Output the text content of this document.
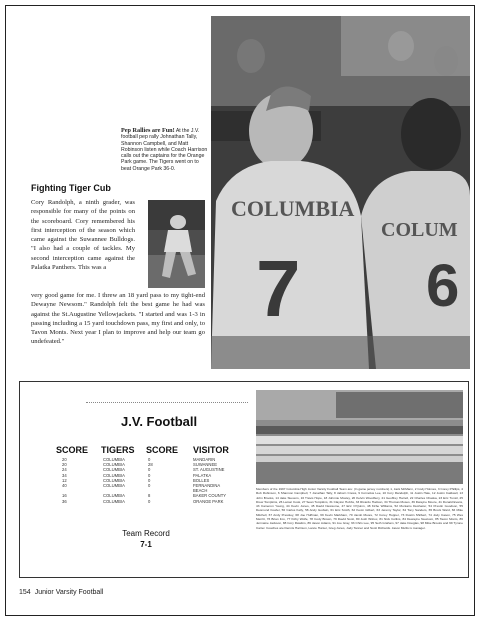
COLUMBIA
7
COLUM
6
Pep Rallies are Fun! At the J.V. football pep rally Johnathan Tally, Shannon Campbell, and Matt Robinson listen while Coach Harrison calls out the captains for the Orange Park game. The Tigers went on to beat Orange Park 36-0.
Fighting Tiger Cub
Cory Randolph, a ninth grader, was responsible for many of the points on the scoreboard. Cory remembered his first interception of the season which came against the Suwannee Bulldogs. "I also had a couple of tackles. My second interception came against the Palatka Panthers. This was a
very good game for me. I threw an 18 yard pass to my tight-end Dewayne Newsom." Randolph felt the best game he had was against the St.Augustine Yellowjackets. "I started and was 1-3 in passing including a 15 yard touchdown pass, my first and only, to Tavon Monts. Next year I plan to improve and help our team go undefeated."
J.V. Football
SCORE TIGERS SCORE VISITOR
20
20
24
34
12
40

16
36
COLUMBIA
COLUMBIA
COLUMBIA
COLUMBIA
COLUMBIA
COLUMBIA

COLUMBIA
COLUMBIA
0
28
0
0
0
0

8
0
MANDARIN
SUWANNEE
ST. AUGUSTINE
PALATKA
BOLLES
FERNANDINA
BEACH
BAKER COUNTY
ORANGE PARK
Team Record
7-1
Members of the 1997 Columbia High Junior Varsity Football Team are: (In game jersey numbers) 1, Jack McMann, 2 Cody Holmes, 3 Corey Phillips, 4 Rob Robinson, 6 Shannon Campbell, 7 Jonathan Tally, 8 Jaborn Crews, 9 Cornelius Lee, 10 Cory Randolph, 11 Justin Hale, 12 Justin Caldwell, 13 John Brooks, 14 Jake Stevens, 16 Travis Hope, 18 Johnnie Mosley, 20 Kelvin Woodbury, 21 Geoffrey Harrell, 22 Charles Chaska, 23 Eric Tunsil, 25 Drew Tompkins, 26 Lamar Cook, 27 Sean Tompkins, 31 Clayton Hobbs, 33 Ricardo Hudson, 34 Thomas Moses, 39 Dwayne Moore, 41 Donald Evans, 43 Cameron Young, 44 Kevin Jones, 45 David Newsome, 47 Eric O'Quinn, 48 Kirbe Williams, 52 Montario Deshazer, 54 Prestin Goodson, 55 Desmond Fowler, 56 Carlos Kelly, 58 Andy Godwin, 61 Eric Smith, 62 Kevin Gilbert, 63 Jeremy Taylor, 64 Tony Sanders, 65 Brock Ward, 66 Mike Mitchell, 67 Andy Pressley, 68 Joe Huffman, 69 Kevin Markham, 70 Jacob Moore, 72 Corey Hopper, 73 Dustin Shilbert, 74 Jody Cason, 75 Wes Merritt, 76 Brian Fox, 77 Kirby Wolfe, 78 Cody Brown, 79 David Scott, 80 Josh Wilcox, 81 Nick Collins, 84 Dewayne Newsom, 85 Tavon Monts, 86 Jermaine Jackson, 88 Cory Rawlins, 89 Jason Adams, 91 Joe Gray, 93 Chris Lee, 95 Seth Graham, 97 Jake Douglas, 98 Mike Brooks and 99 Tyrone Carter. Coaches are Dennis Harrison, Lance Hunter, Greg Jones, Jody Tanner and Scott Richards. Jason Mullis is manager.
154 Junior Varsity Football
